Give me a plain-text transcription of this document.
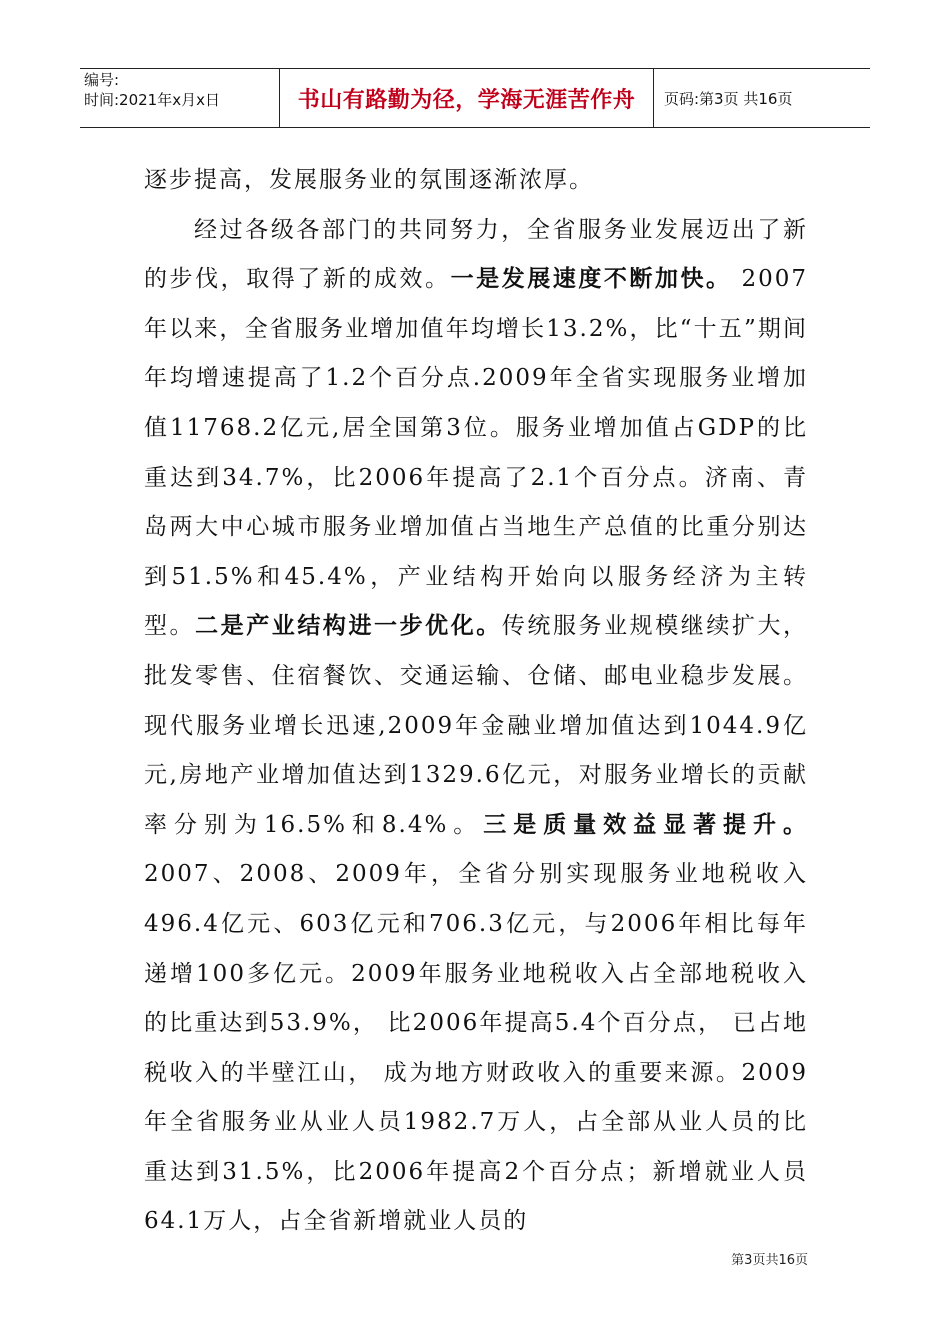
编号:
时间:2021年x月x日	书山有路勤为径，学海无涯苦作舟	页码:第3页 共16页

逐步提高，发展服务业的氛围逐渐浓厚。

经过各级各部门的共同努力，全省服务业发展迈出了新的步伐，取得了新的成效。一是发展速度不断加快。 2007年以来，全省服务业增加值年均增长13.2%，比“十五”期间年均增速提高了1.2个百分点.2009年全省实现服务业增加值11768.2亿元,居全国第3位。服务业增加值占GDP的比重达到34.7%，比2006年提高了2.1个百分点。济南、青岛两大中心城市服务业增加值占当地生产总值的比重分别达到51.5%和45.4%，产业结构开始向以服务经济为主转型。二是产业结构进一步优化。传统服务业规模继续扩大，批发零售、住宿餐饮、交通运输、仓储、邮电业稳步发展。现代服务业增长迅速,2009年金融业增加值达到1044.9亿元,房地产业增加值达到1329.6亿元，对服务业增长的贡献率分别为16.5%和8.4%。三是质量效益显著提升。 2007、2008、2009年，全省分别实现服务业地税收入496.4亿元、603亿元和706.3亿元，与2006年相比每年递增100多亿元。2009年服务业地税收入占全部地税收入的比重达到53.9%， 比2006年提高5.4个百分点， 已占地税收入的半壁江山， 成为地方财政收入的重要来源。2009年全省服务业从业人员1982.7万人，占全部从业人员的比重达到31.5%，比2006年提高2个百分点；新增就业人员64.1万人，占全省新增就业人员的

第3页共16页
